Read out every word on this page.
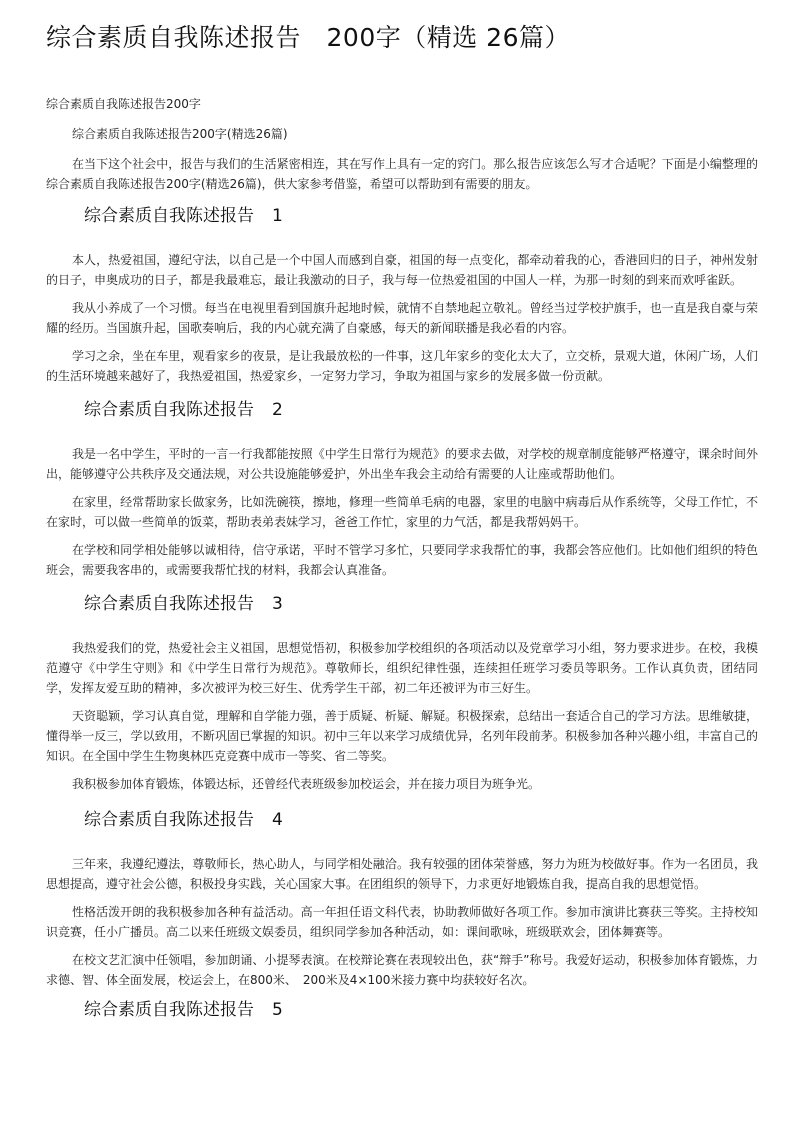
综合素质自我陈述报告　200字（精选 26篇）

综合素质自我陈述报告200字

综合素质自我陈述报告200字(精选26篇)

在当下这个社会中，报告与我们的生活紧密相连，其在写作上具有一定的窍门。那么报告应该怎么写才合适呢？下面是小编整理的综合素质自我陈述报告200字(精选26篇)，供大家参考借鉴，希望可以帮助到有需要的朋友。

综合素质自我陈述报告 1

本人，热爱祖国，遵纪守法，以自己是一个中国人而感到自豪，祖国的每一点变化，都牵动着我的心，香港回归的日子，神州发射的日子，申奥成功的日子，都是我最难忘，最让我激动的日子，我与每一位热爱祖国的中国人一样，为那一时刻的到来而欢呼雀跃。

我从小养成了一个习惯。每当在电视里看到国旗升起地时候，就情不自禁地起立敬礼。曾经当过学校护旗手，也一直是我自豪与荣耀的经历。当国旗升起，国歌奏响后，我的内心就充满了自豪感，每天的新闻联播是我必看的内容。

学习之余，坐在车里，观看家乡的夜景，是让我最放松的一件事，这几年家乡的变化太大了，立交桥，景观大道，休闲广场，人们的生活环境越来越好了，我热爱祖国，热爱家乡，一定努力学习，争取为祖国与家乡的发展多做一份贡献。

综合素质自我陈述报告 2

我是一名中学生，平时的一言一行我都能按照《中学生日常行为规范》的要求去做，对学校的规章制度能够严格遵守，课余时间外出，能够遵守公共秩序及交通法规，对公共设施能够爱护，外出坐车我会主动给有需要的人让座或帮助他们。

在家里，经常帮助家长做家务，比如洗碗筷，擦地，修理一些简单毛病的电器，家里的电脑中病毒后从作系统等，父母工作忙，不在家时，可以做一些简单的饭菜，帮助表弟表妹学习，爸爸工作忙，家里的力气活，都是我帮妈妈干。

在学校和同学相处能够以诚相待，信守承诺，平时不管学习多忙，只要同学求我帮忙的事，我都会答应他们。比如他们组织的特色班会，需要我客串的，或需要我帮忙找的材料，我都会认真准备。

综合素质自我陈述报告 3

我热爱我们的党，热爱社会主义祖国，思想觉悟初，积极参加学校组织的各项活动以及党章学习小组，努力要求进步。在校，我模范遵守《中学生守则》和《中学生日常行为规范》。尊敬师长，组织纪律性强，连续担任班学习委员等职务。工作认真负责，团结同学，发挥友爱互助的精神，多次被评为校三好生、优秀学生干部，初二年还被评为市三好生。

天资聪颖，学习认真自觉，理解和自学能力强，善于质疑、析疑、解疑。积极探索，总结出一套适合自己的学习方法。思维敏捷，懂得举一反三，学以致用，不断巩固已掌握的知识。初中三年以来学习成绩优异，名列年段前茅。积极参加各种兴趣小组，丰富自己的知识。在全国中学生生物奥林匹克竞赛中成市一等奖、省二等奖。

我积极参加体育锻炼，体锻达标，还曾经代表班级参加校运会，并在接力项目为班争光。

综合素质自我陈述报告 4

三年来，我遵纪遵法，尊敬师长，热心助人，与同学相处融洽。我有较强的团体荣誉感，努力为班为校做好事。作为一名团员，我思想提高，遵守社会公德，积极投身实践，关心国家大事。在团组织的领导下，力求更好地锻炼自我，提高自我的思想觉悟。

性格活泼开朗的我积极参加各种有益活动。高一年担任语文科代表，协助教师做好各项工作。参加市演讲比赛获三等奖。主持校知识竞赛，任小广播员。高二以来任班级文娱委员，组织同学参加各种活动，如：课间歌咏，班级联欢会，团体舞赛等。

在校文艺汇演中任领唱，参加朗诵、小提琴表演。在校辩论赛在表现较出色，获“辩手”称号。我爱好运动，积极参加体育锻炼，力求德、智、体全面发展，校运会上，在800米、　200米及4×100米接力赛中均获较好名次。

综合素质自我陈述报告 5
